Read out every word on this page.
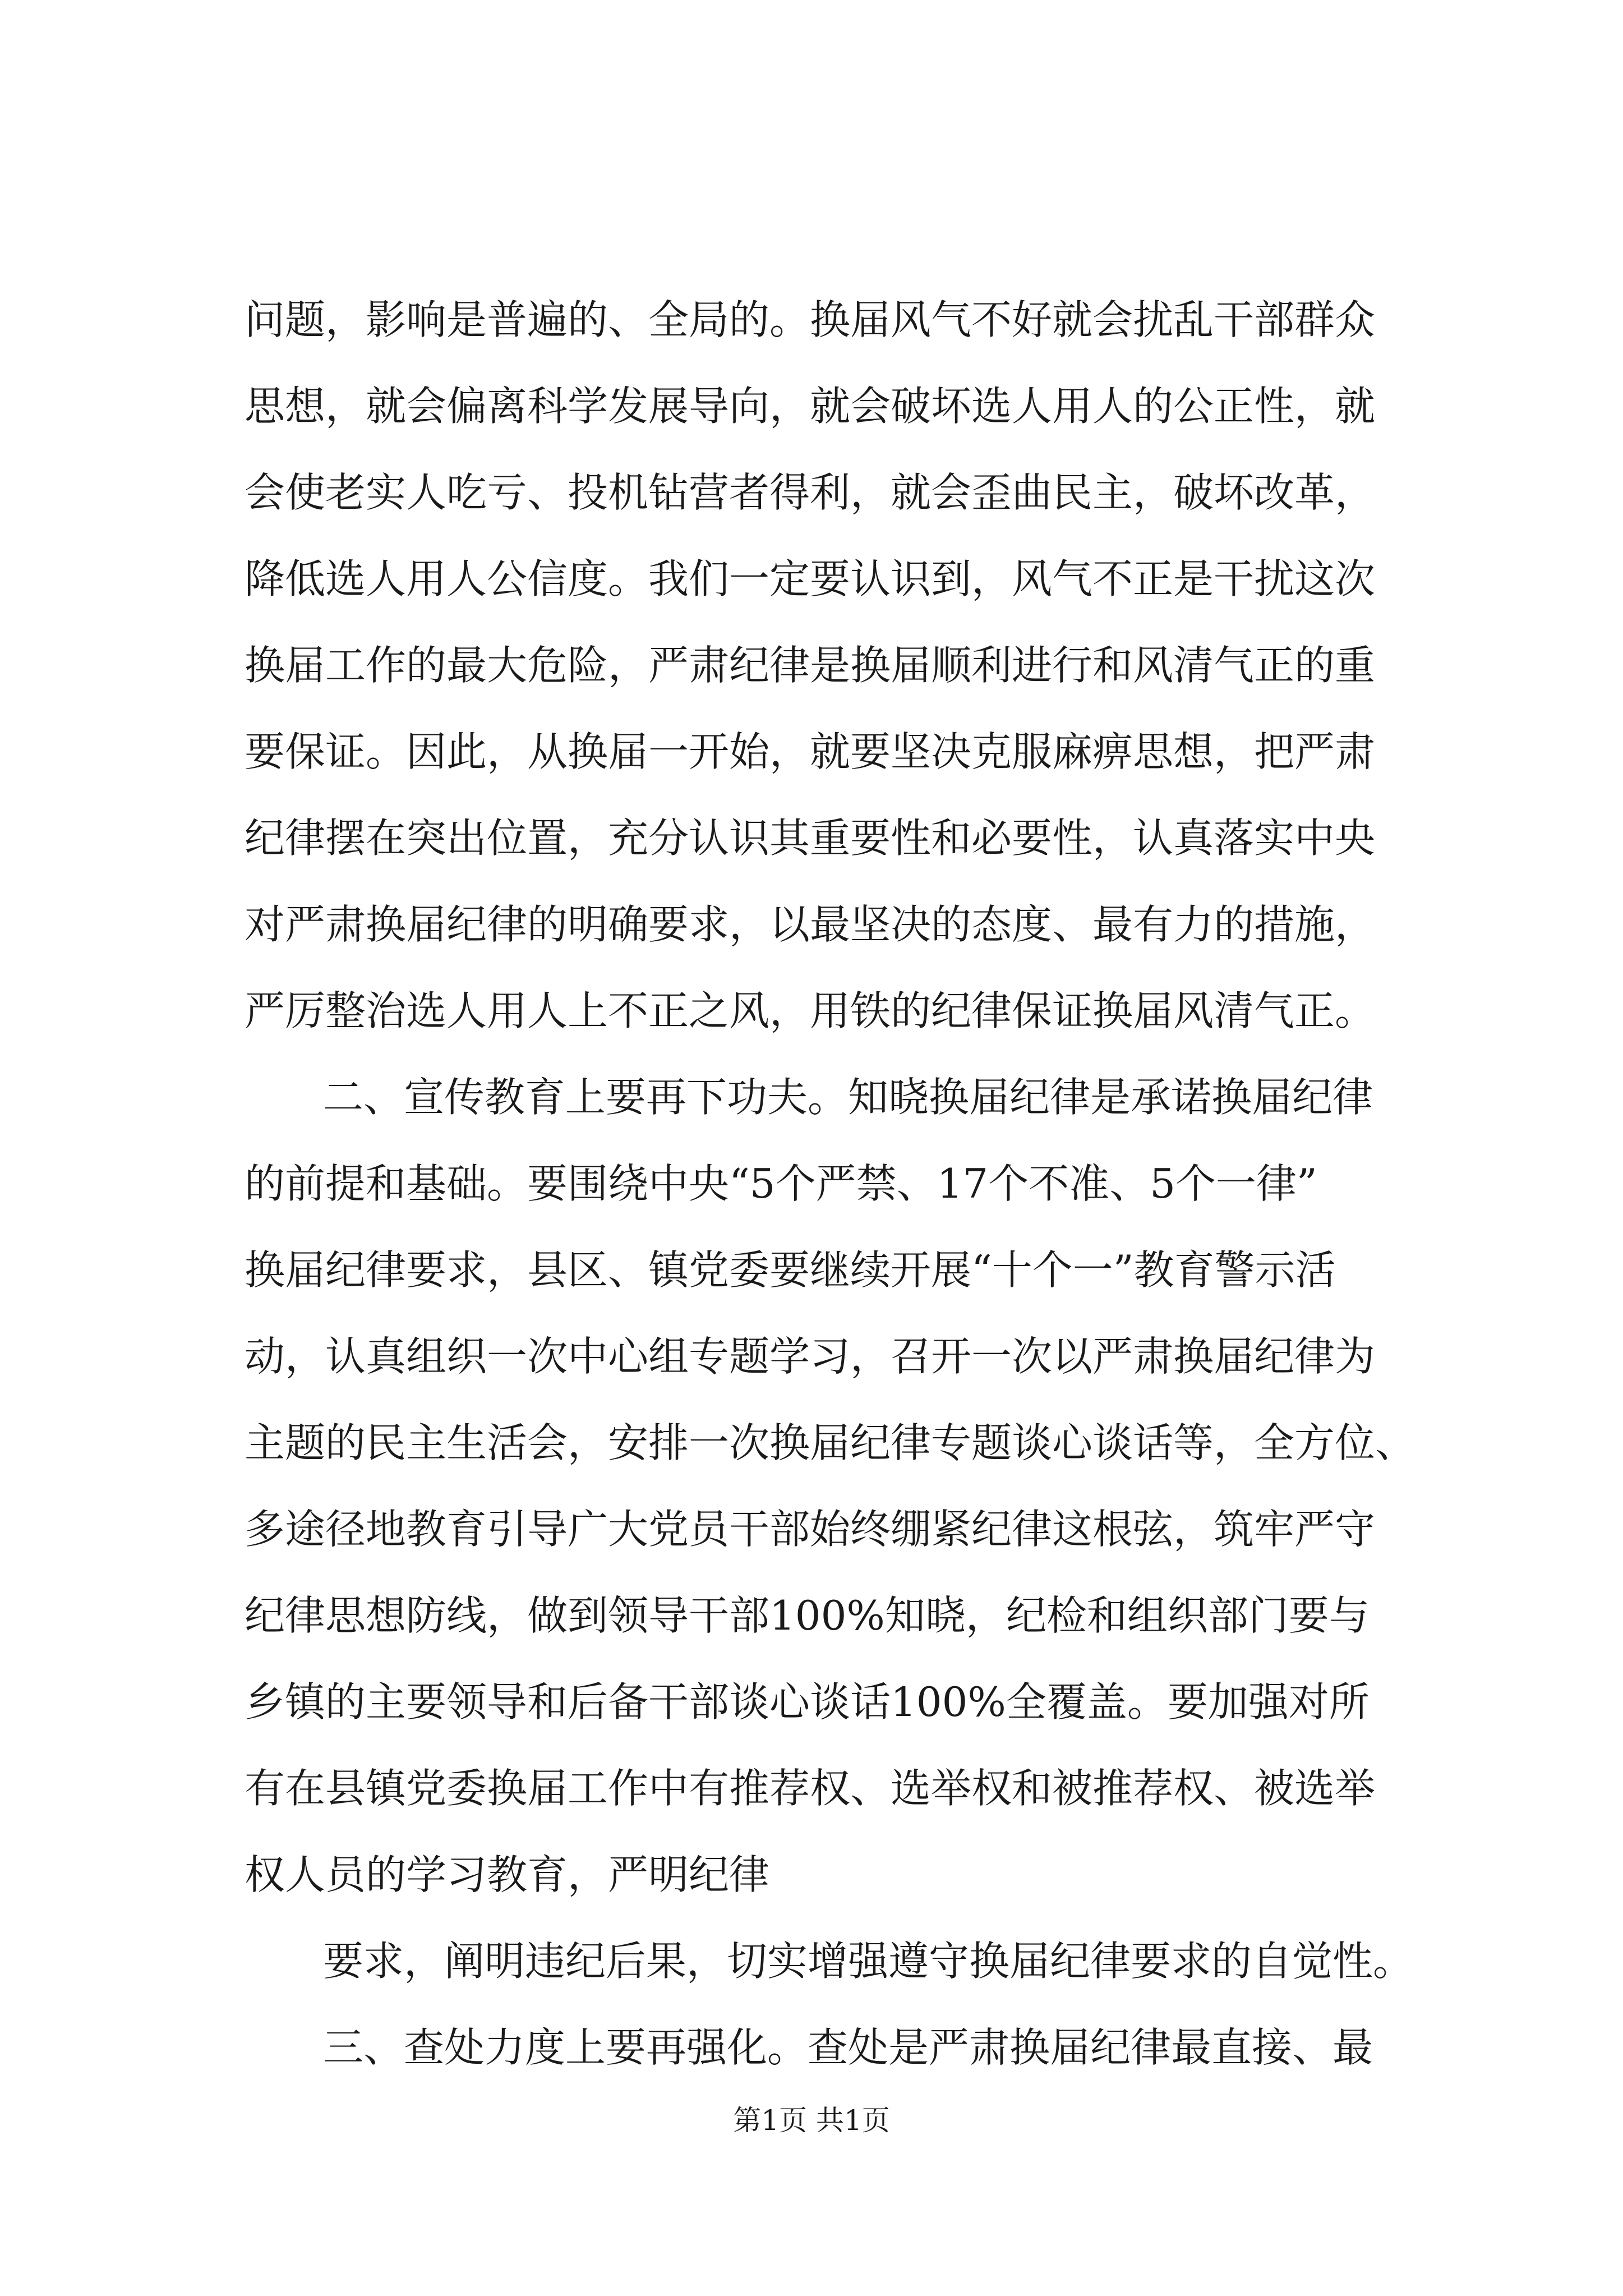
问题，影响是普遍的、全局的。换届风气不好就会扰乱干部群众
思想，就会偏离科学发展导向，就会破坏选人用人的公正性，就
会使老实人吃亏、投机钻营者得利，就会歪曲民主，破坏改革，
降低选人用人公信度。我们一定要认识到，风气不正是干扰这次
换届工作的最大危险，严肃纪律是换届顺利进行和风清气正的重
要保证。因此，从换届一开始，就要坚决克服麻痹思想，把严肃
纪律摆在突出位置，充分认识其重要性和必要性，认真落实中央
对严肃换届纪律的明确要求，以最坚决的态度、最有力的措施，
严厉整治选人用人上不正之风，用铁的纪律保证换届风清气正。
二、宣传教育上要再下功夫。知晓换届纪律是承诺换届纪律
的前提和基础。要围绕中央“5个严禁、17个不准、5个一律”
换届纪律要求，县区、镇党委要继续开展“十个一”教育警示活
动，认真组织一次中心组专题学习，召开一次以严肃换届纪律为
主题的民主生活会，安排一次换届纪律专题谈心谈话等，全方位、
多途径地教育引导广大党员干部始终绷紧纪律这根弦，筑牢严守
纪律思想防线，做到领导干部100%知晓，纪检和组织部门要与
乡镇的主要领导和后备干部谈心谈话100%全覆盖。要加强对所
有在县镇党委换届工作中有推荐权、选举权和被推荐权、被选举
权人员的学习教育，严明纪律
要求，阐明违纪后果，切实增强遵守换届纪律要求的自觉性。
三、查处力度上要再强化。查处是严肃换届纪律最直接、最
第1页 共1页
